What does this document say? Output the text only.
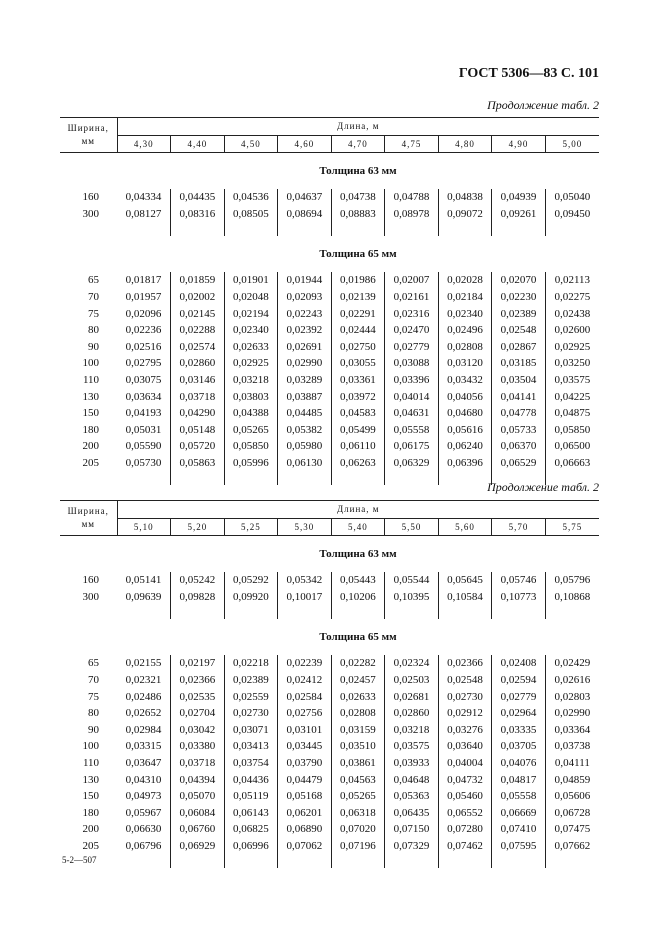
ГОСТ 5306—83 С. 101
Продолжение табл. 2
Ширина,
мм	Длина, м								
	4,30	4,40	4,50	4,60	4,70	4,75	4,80	4,90	5,00
	Толщина 63 мм								
160	0,04334	0,04435	0,04536	0,04637	0,04738	0,04788	0,04838	0,04939	0,05040
300	0,08127	0,08316	0,08505	0,08694	0,08883	0,08978	0,09072	0,09261	0,09450

	Толщина 65 мм								
65	0,01817	0,01859	0,01901	0,01944	0,01986	0,02007	0,02028	0,02070	0,02113
70	0,01957	0,02002	0,02048	0,02093	0,02139	0,02161	0,02184	0,02230	0,02275
75	0,02096	0,02145	0,02194	0,02243	0,02291	0,02316	0,02340	0,02389	0,02438
80	0,02236	0,02288	0,02340	0,02392	0,02444	0,02470	0,02496	0,02548	0,02600
90	0,02516	0,02574	0,02633	0,02691	0,02750	0,02779	0,02808	0,02867	0,02925
100	0,02795	0,02860	0,02925	0,02990	0,03055	0,03088	0,03120	0,03185	0,03250
110	0,03075	0,03146	0,03218	0,03289	0,03361	0,03396	0,03432	0,03504	0,03575
130	0,03634	0,03718	0,03803	0,03887	0,03972	0,04014	0,04056	0,04141	0,04225
150	0,04193	0,04290	0,04388	0,04485	0,04583	0,04631	0,04680	0,04778	0,04875
180	0,05031	0,05148	0,05265	0,05382	0,05499	0,05558	0,05616	0,05733	0,05850
200	0,05590	0,05720	0,05850	0,05980	0,06110	0,06175	0,06240	0,06370	0,06500
205	0,05730	0,05863	0,05996	0,06130	0,06263	0,06329	0,06396	0,06529	0,06663

Продолжение табл. 2
Ширина,
мм	Длина, м								
	5,10	5,20	5,25	5,30	5,40	5,50	5,60	5,70	5,75
	Толщина 63 мм								
160	0,05141	0,05242	0,05292	0,05342	0,05443	0,05544	0,05645	0,05746	0,05796
300	0,09639	0,09828	0,09920	0,10017	0,10206	0,10395	0,10584	0,10773	0,10868

	Толщина 65 мм								
65	0,02155	0,02197	0,02218	0,02239	0,02282	0,02324	0,02366	0,02408	0,02429
70	0,02321	0,02366	0,02389	0,02412	0,02457	0,02503	0,02548	0,02594	0,02616
75	0,02486	0,02535	0,02559	0,02584	0,02633	0,02681	0,02730	0,02779	0,02803
80	0,02652	0,02704	0,02730	0,02756	0,02808	0,02860	0,02912	0,02964	0,02990
90	0,02984	0,03042	0,03071	0,03101	0,03159	0,03218	0,03276	0,03335	0,03364
100	0,03315	0,03380	0,03413	0,03445	0,03510	0,03575	0,03640	0,03705	0,03738
110	0,03647	0,03718	0,03754	0,03790	0,03861	0,03933	0,04004	0,04076	0,04111
130	0,04310	0,04394	0,04436	0,04479	0,04563	0,04648	0,04732	0,04817	0,04859
150	0,04973	0,05070	0,05119	0,05168	0,05265	0,05363	0,05460	0,05558	0,05606
180	0,05967	0,06084	0,06143	0,06201	0,06318	0,06435	0,06552	0,06669	0,06728
200	0,06630	0,06760	0,06825	0,06890	0,07020	0,07150	0,07280	0,07410	0,07475
205	0,06796	0,06929	0,06996	0,07062	0,07196	0,07329	0,07462	0,07595	0,07662

5-2—507
